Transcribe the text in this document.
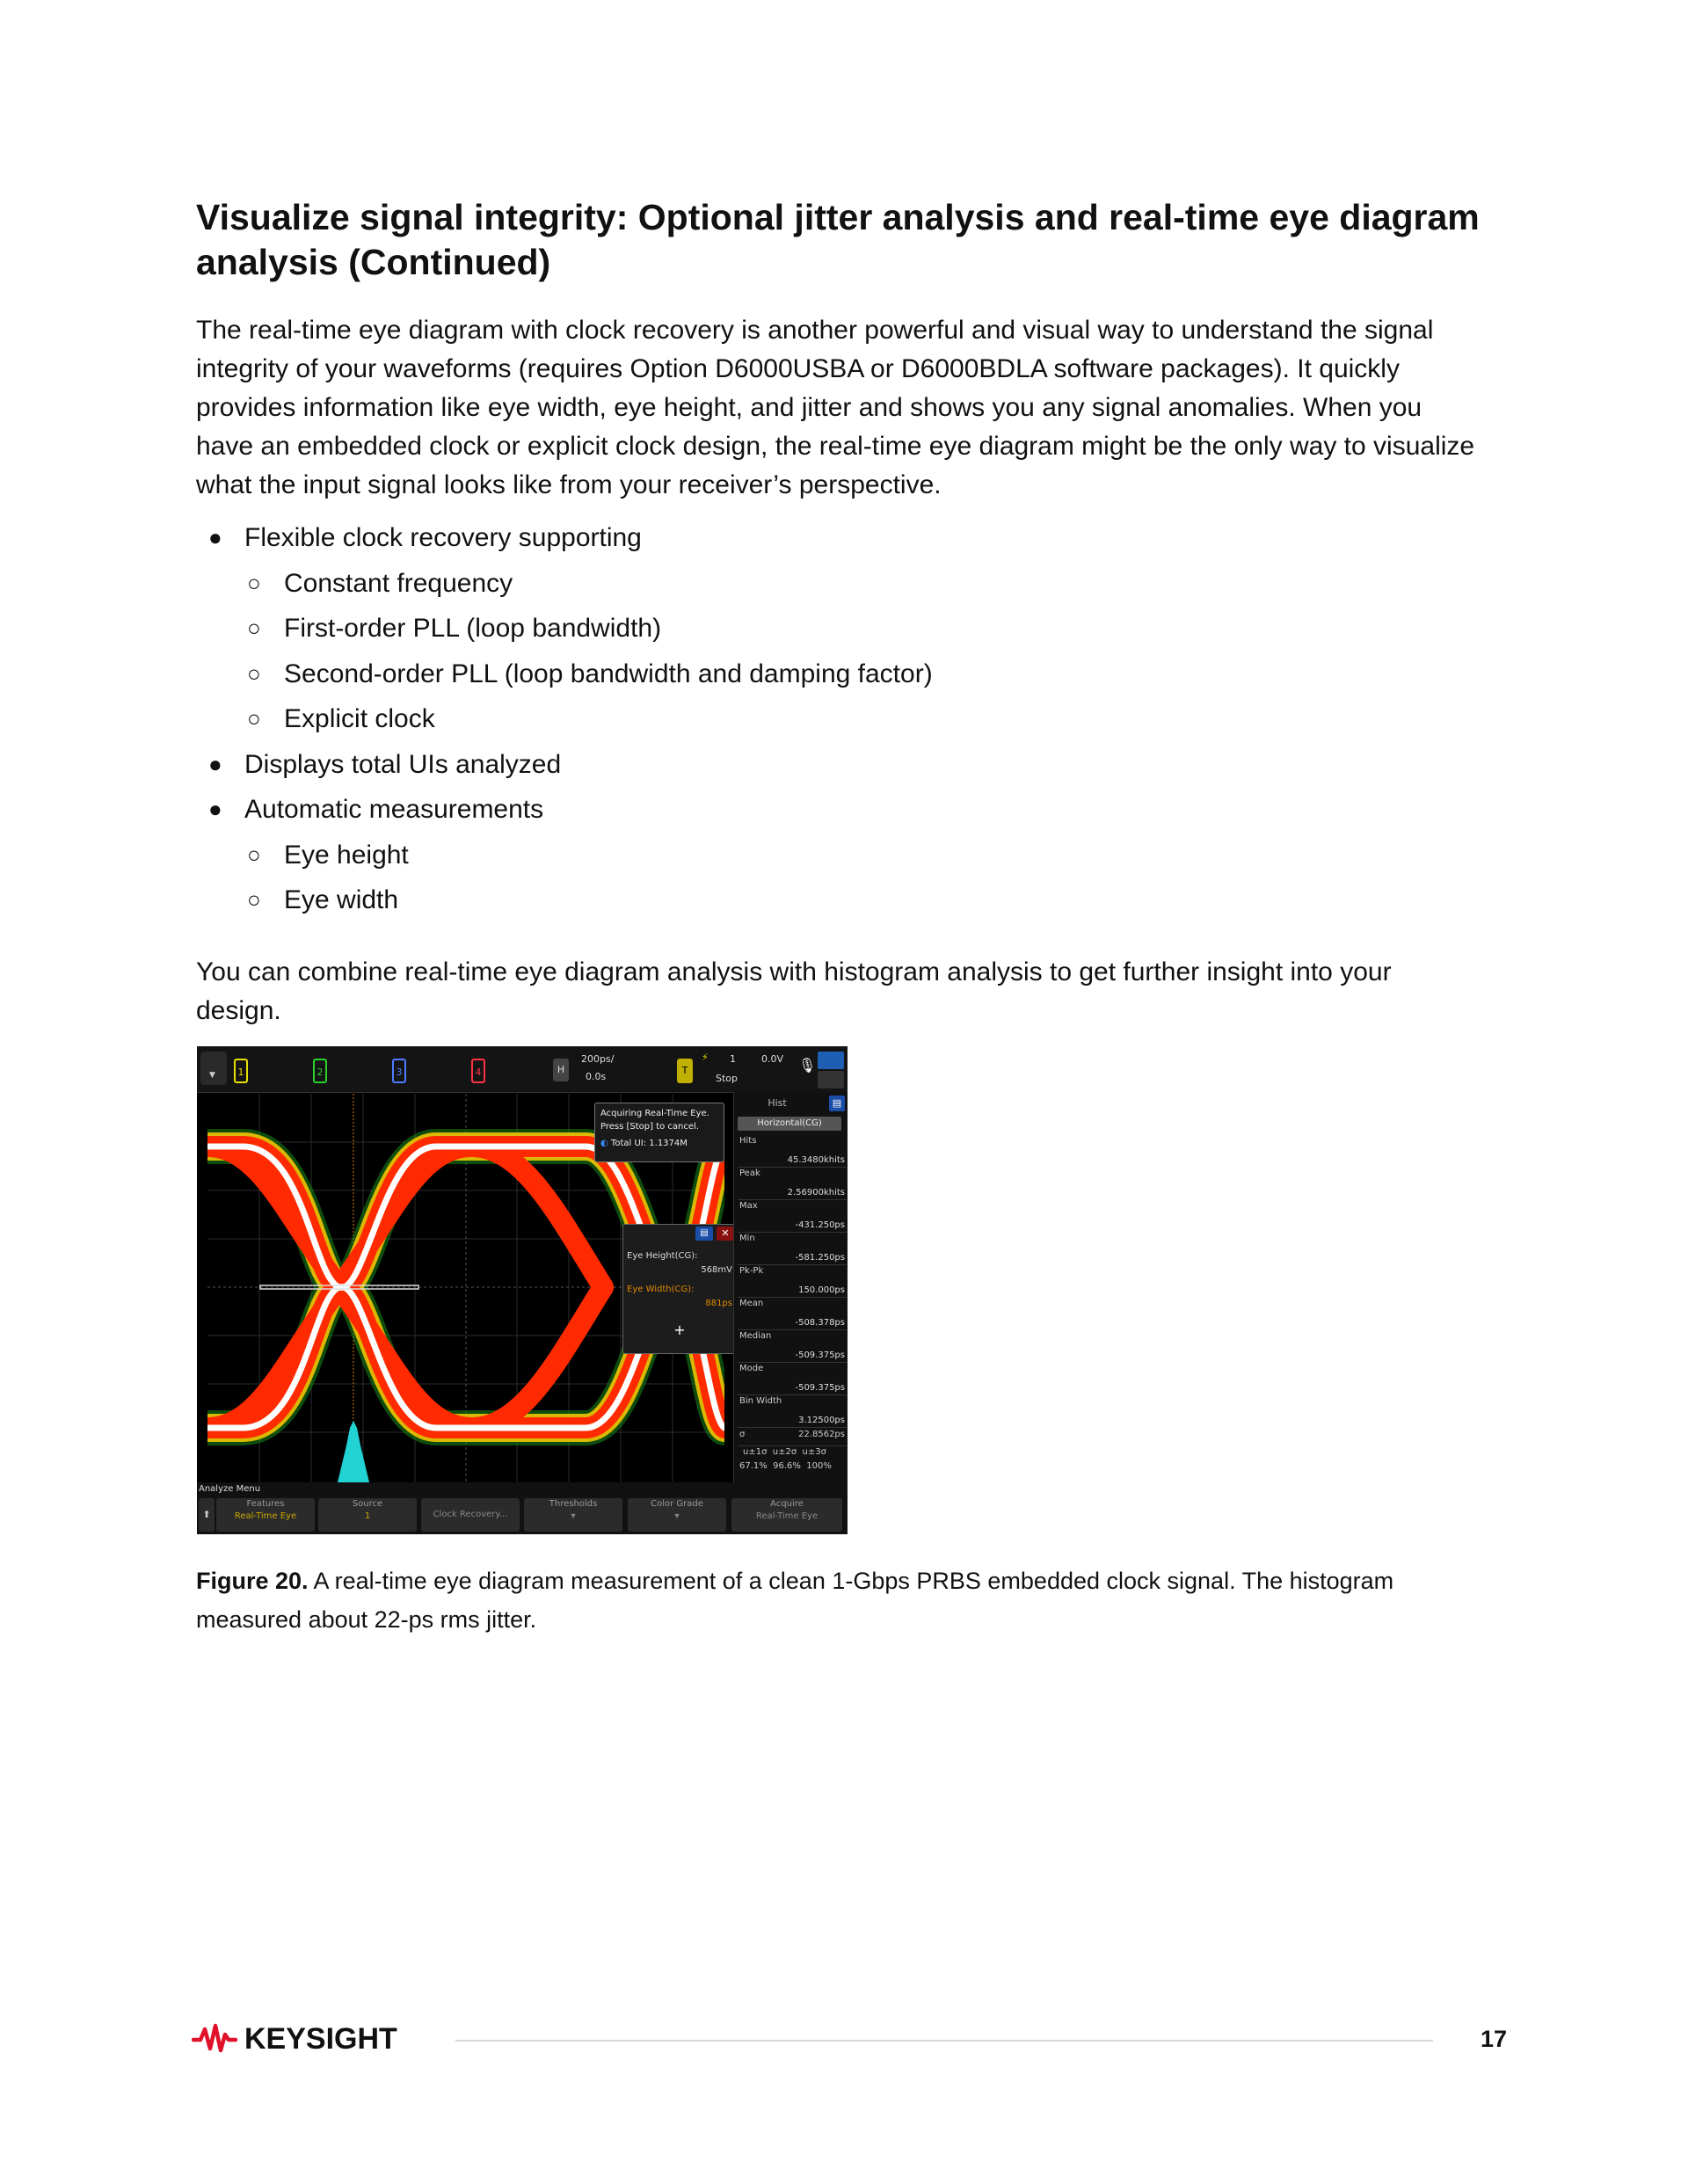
Visualize signal integrity: Optional jitter analysis and real-time eye diagram analysis (Continued)

The real-time eye diagram with clock recovery is another powerful and visual way to understand the signal integrity of your waveforms (requires Option D6000USBA or D6000BDLA software packages). It quickly provides information like eye width, eye height, and jitter and shows you any signal anomalies. When you have an embedded clock or explicit clock design, the real-time eye diagram might be the only way to visualize what the input signal looks like from your receiver’s perspective.

● Flexible clock recovery supporting
○ Constant frequency
○ First-order PLL (loop bandwidth)
○ Second-order PLL (loop bandwidth and damping factor)
○ Explicit clock
● Displays total UIs analyzed
● Automatic measurements
○ Eye height
○ Eye width

You can combine real-time eye diagram analysis with histogram analysis to get further insight into your design.

▼	1	2	3	4	H
200ps/
0.0s
T
⚡ 1	0.0V
Stop
🎙
Acquiring Real-Time Eye.
Press [Stop] to cancel.
◐ Total UI: 1.1374M
▤	✕
Eye Height(CG):
568mV
Eye Width(CG):
881ps
+
Hist	▤
Horizontal(CG)
Hits
45.3480khits
Peak
2.56900khits
Max
-431.250ps
Min
-581.250ps
Pk-Pk
150.000ps
Mean
-508.378ps
Median
-509.375ps
Mode
-509.375ps
Bin Width
3.12500ps
σ	22.8562ps
u±1σ  u±2σ  u±3σ
67.1%  96.6%  100%
Analyze Menu
⬆
Features
Real-Time Eye
Source
1	Clock Recovery...
Thresholds
▾
Color Grade
▾
Acquire
Real-Time Eye

Figure 20. A real-time eye diagram measurement of a clean 1-Gbps PRBS embedded clock signal. The histogram measured about 22-ps rms jitter.

KEYSIGHT	17
